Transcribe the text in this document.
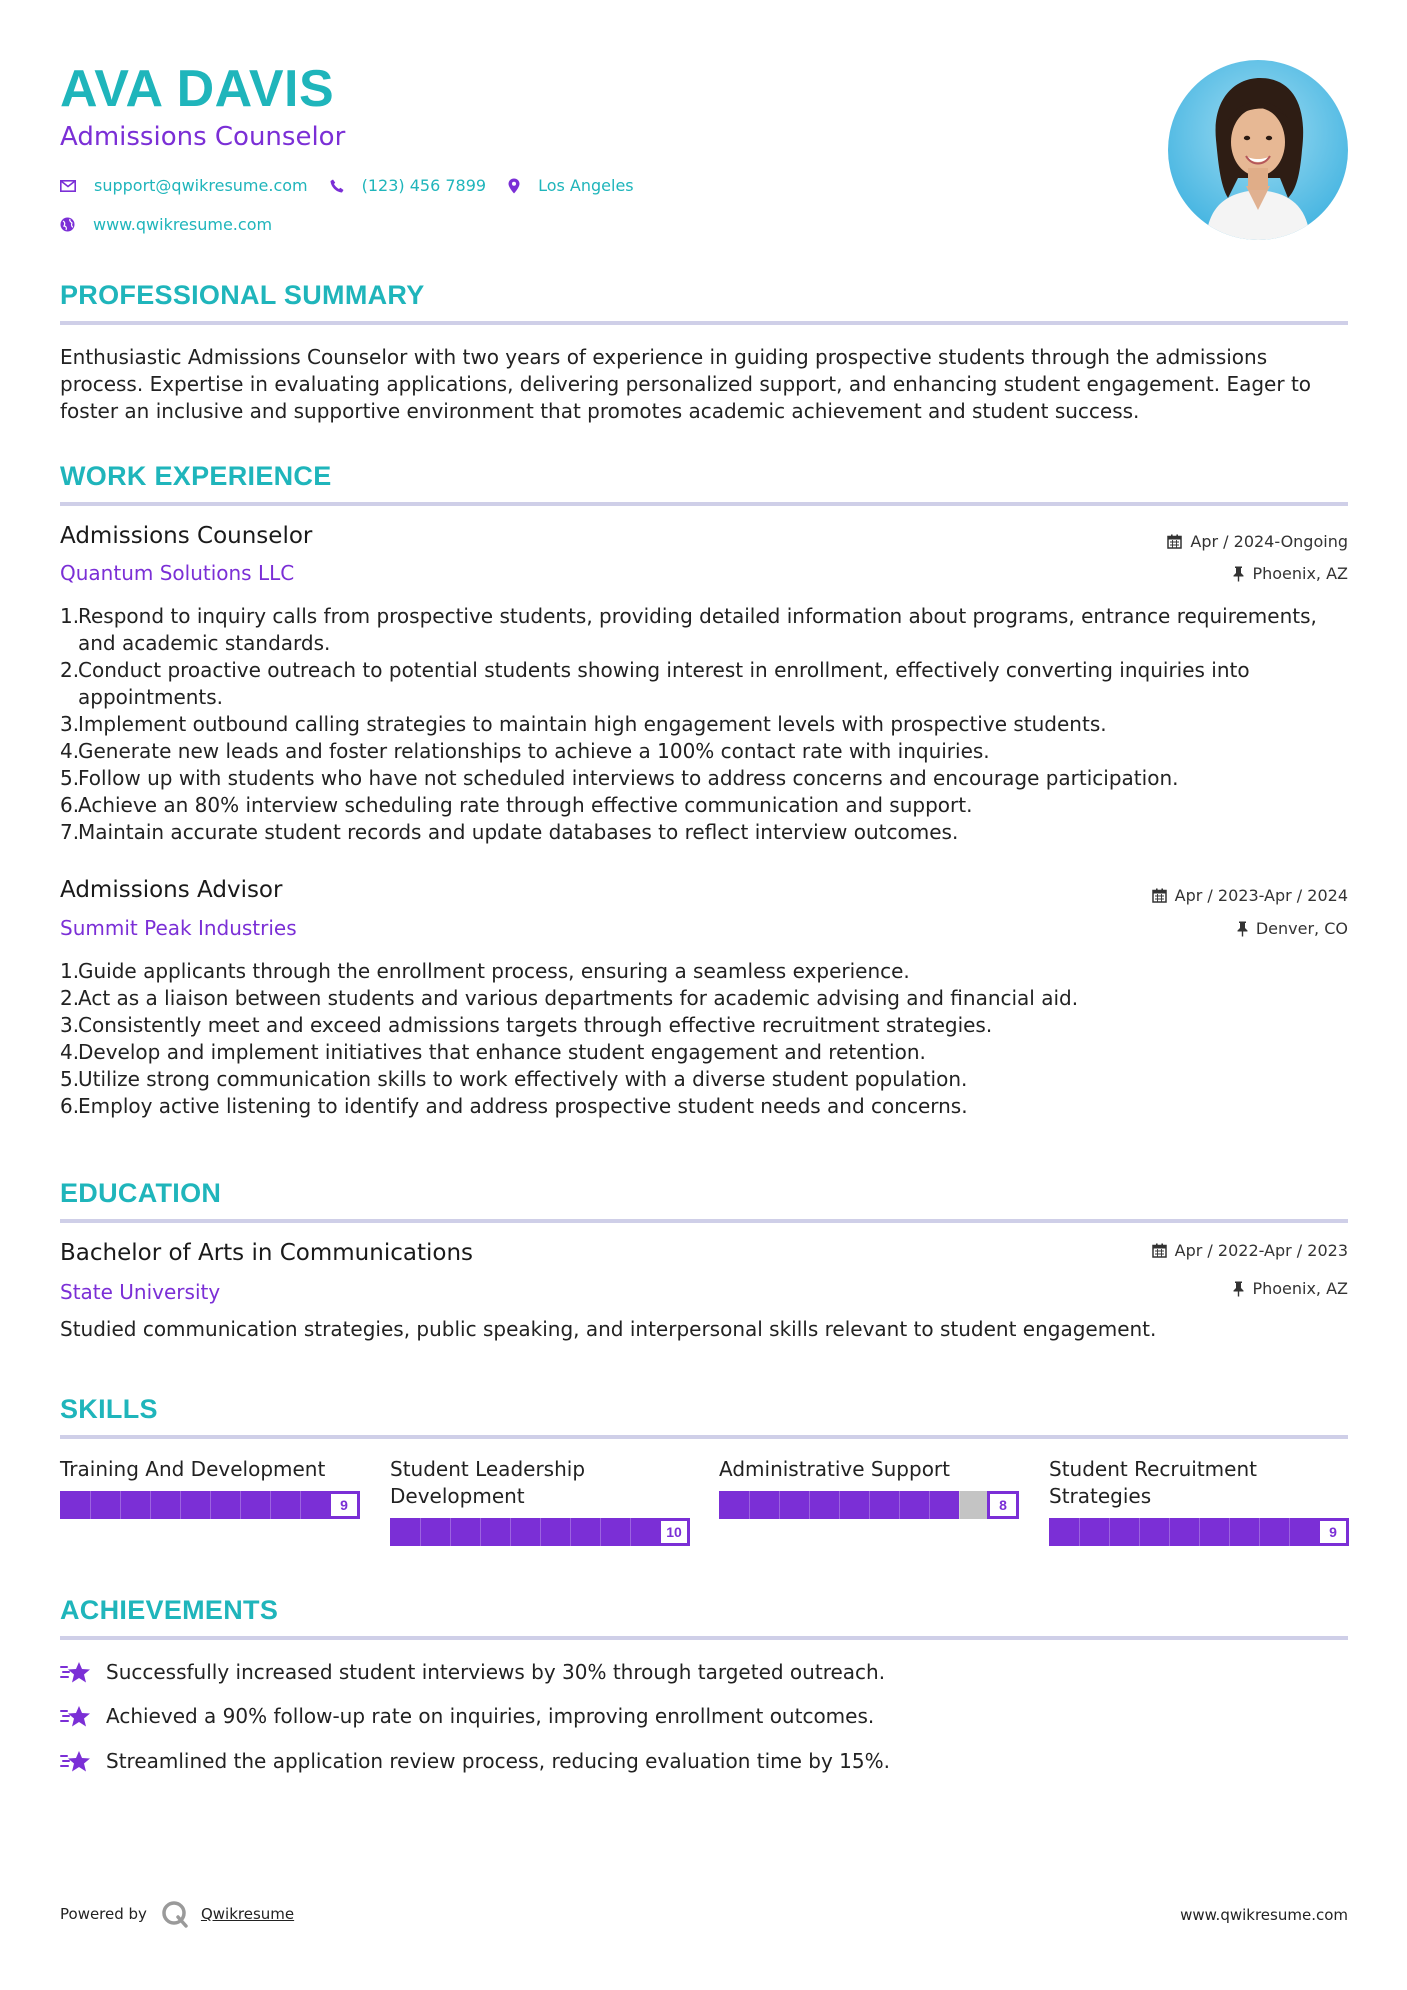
AVA DAVIS
Admissions Counselor
support@qwikresume.com	(123) 456 7899	Los Angeles
www.qwikresume.com
PROFESSIONAL SUMMARY
Enthusiastic Admissions Counselor with two years of experience in guiding prospective students through the admissions process. Expertise in evaluating applications, delivering personalized support, and enhancing student engagement. Eager to foster an inclusive and supportive environment that promotes academic achievement and student success.
WORK EXPERIENCE
Admissions Counselor
Quantum Solutions LLC
Apr / 2024-Ongoing
Phoenix, AZ
1.Respond to inquiry calls from prospective students, providing detailed information about programs, entrance requirements, and academic standards.
2.Conduct proactive outreach to potential students showing interest in enrollment, effectively converting inquiries into appointments.
3.Implement outbound calling strategies to maintain high engagement levels with prospective students.
4.Generate new leads and foster relationships to achieve a 100% contact rate with inquiries.
5.Follow up with students who have not scheduled interviews to address concerns and encourage participation.
6.Achieve an 80% interview scheduling rate through effective communication and support.
7.Maintain accurate student records and update databases to reflect interview outcomes.
Admissions Advisor
Summit Peak Industries
Apr / 2023-Apr / 2024
Denver, CO
1.Guide applicants through the enrollment process, ensuring a seamless experience.
2.Act as a liaison between students and various departments for academic advising and financial aid.
3.Consistently meet and exceed admissions targets through effective recruitment strategies.
4.Develop and implement initiatives that enhance student engagement and retention.
5.Utilize strong communication skills to work effectively with a diverse student population.
6.Employ active listening to identify and address prospective student needs and concerns.
EDUCATION
Bachelor of Arts in Communications
State University
Apr / 2022-Apr / 2023
Phoenix, AZ
Studied communication strategies, public speaking, and interpersonal skills relevant to student engagement.
SKILLS
Training And Development
9
Student Leadership Development
10
Administrative Support
8
Student Recruitment Strategies
9
ACHIEVEMENTS
Successfully increased student interviews by 30% through targeted outreach.
Achieved a 90% follow-up rate on inquiries, improving enrollment outcomes.
Streamlined the application review process, reducing evaluation time by 15%.
Powered by	Qwikresume	www.qwikresume.com
